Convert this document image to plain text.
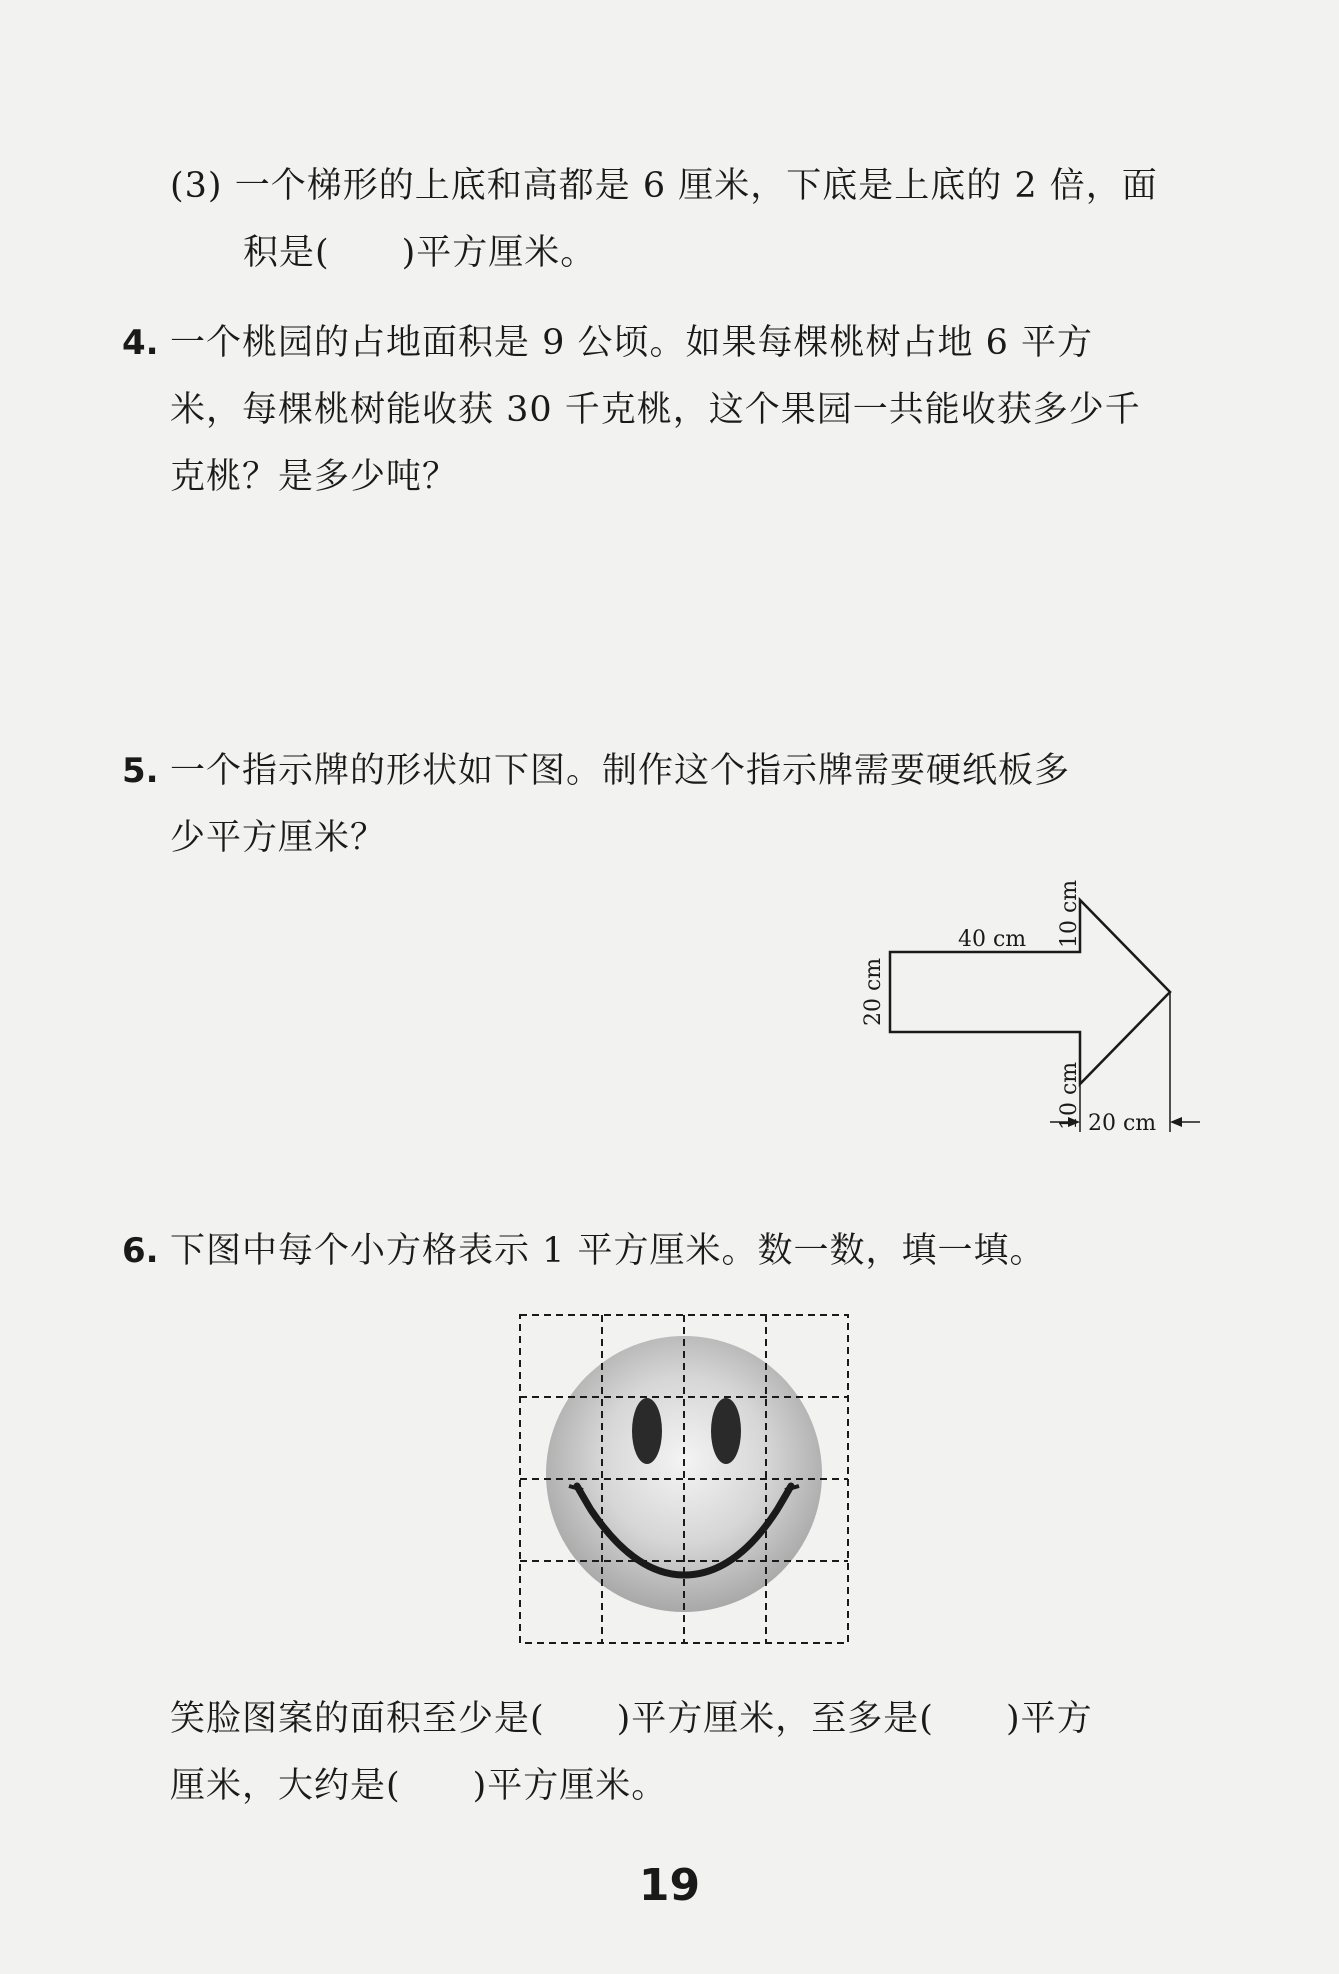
(3) 一个梯形的上底和高都是 6 厘米，下底是上底的 2 倍，面
积是(　　)平方厘米。
4. 一个桃园的占地面积是 9 公顷。如果每棵桃树占地 6 平方
米，每棵桃树能收获 30 千克桃，这个果园一共能收获多少千
克桃？是多少吨？
5. 一个指示牌的形状如下图。制作这个指示牌需要硬纸板多
少平方厘米？
40 cm
20 cm
10 cm
10 cm 20 cm
6. 下图中每个小方格表示 1 平方厘米。数一数，填一填。
笑脸图案的面积至少是(　　)平方厘米，至多是(　　)平方
厘米，大约是(　　)平方厘米。
19
